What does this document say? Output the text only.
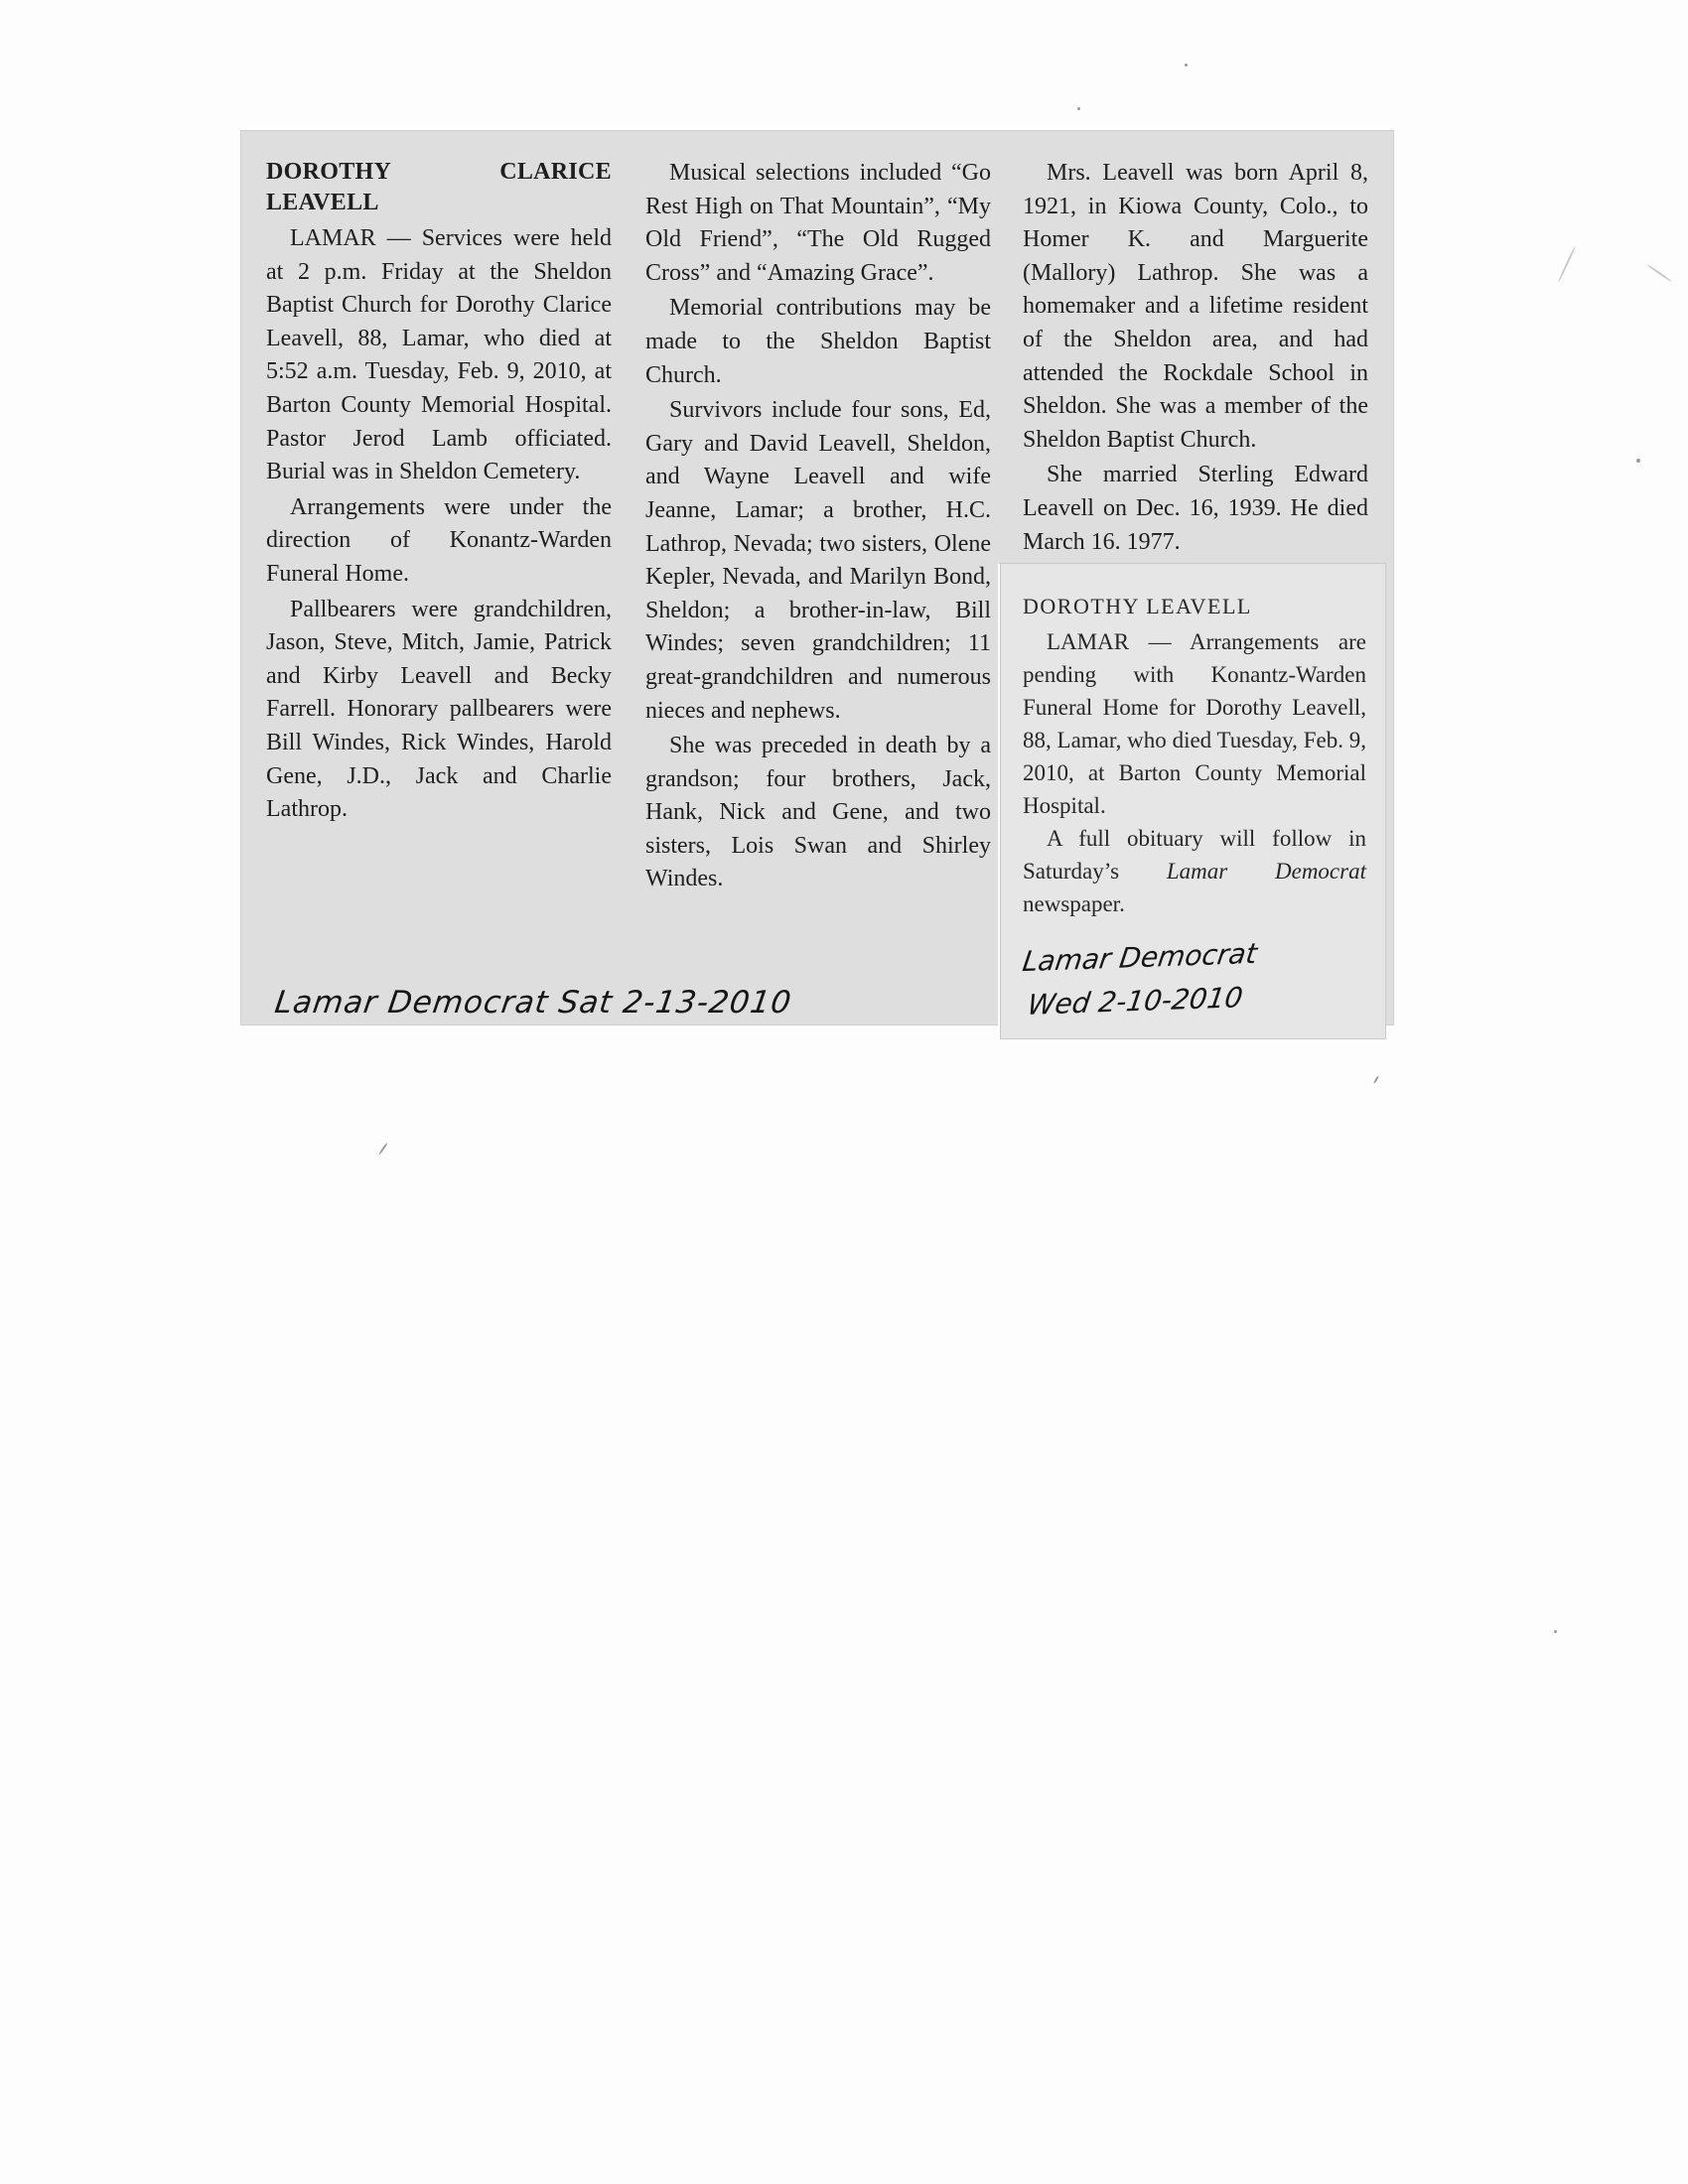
DOROTHY CLARICE
LEAVELL

LAMAR — Services were held at 2 p.m. Friday at the Sheldon Baptist Church for Dorothy Clarice Leavell, 88, Lamar, who died at 5:52 a.m. Tuesday, Feb. 9, 2010, at Barton County Memorial Hospital. Pastor Jerod Lamb officiated. Burial was in Sheldon Cemetery.

Arrangements were under the direction of Konantz-Warden Funeral Home.

Pallbearers were grandchildren, Jason, Steve, Mitch, Jamie, Patrick and Kirby Leavell and Becky Farrell. Honorary pallbearers were Bill Windes, Rick Windes, Harold Gene, J.D., Jack and Charlie Lathrop.

Musical selections included “Go Rest High on That Mountain”, “My Old Friend”, “The Old Rugged Cross” and “Amazing Grace”.

Memorial contributions may be made to the Sheldon Baptist Church.

Survivors include four sons, Ed, Gary and David Leavell, Sheldon, and Wayne Leavell and wife Jeanne, Lamar; a brother, H.C. Lathrop, Nevada; two sisters, Olene Kepler, Nevada, and Marilyn Bond, Sheldon; a brother-in-law, Bill Windes; seven grandchildren; 11 great-grandchildren and numerous nieces and nephews.

She was preceded in death by a grandson; four brothers, Jack, Hank, Nick and Gene, and two sisters, Lois Swan and Shirley Windes.

Mrs. Leavell was born April 8, 1921, in Kiowa County, Colo., to Homer K. and Marguerite (Mallory) Lathrop. She was a homemaker and a lifetime resident of the Sheldon area, and had attended the Rockdale School in Sheldon. She was a member of the Sheldon Baptist Church.

She married Sterling Edward Leavell on Dec. 16, 1939. He died March 16. 1977.

Lamar Democrat Sat 2-13-2010
DOROTHY LEAVELL

LAMAR — Arrangements are pending with Konantz-Warden Funeral Home for Dorothy Leavell, 88, Lamar, who died Tuesday, Feb. 9, 2010, at Barton County Memorial Hospital.

A full obituary will follow in Saturday’s Lamar Democrat newspaper.

Lamar Democrat
Wed 2-10-2010
